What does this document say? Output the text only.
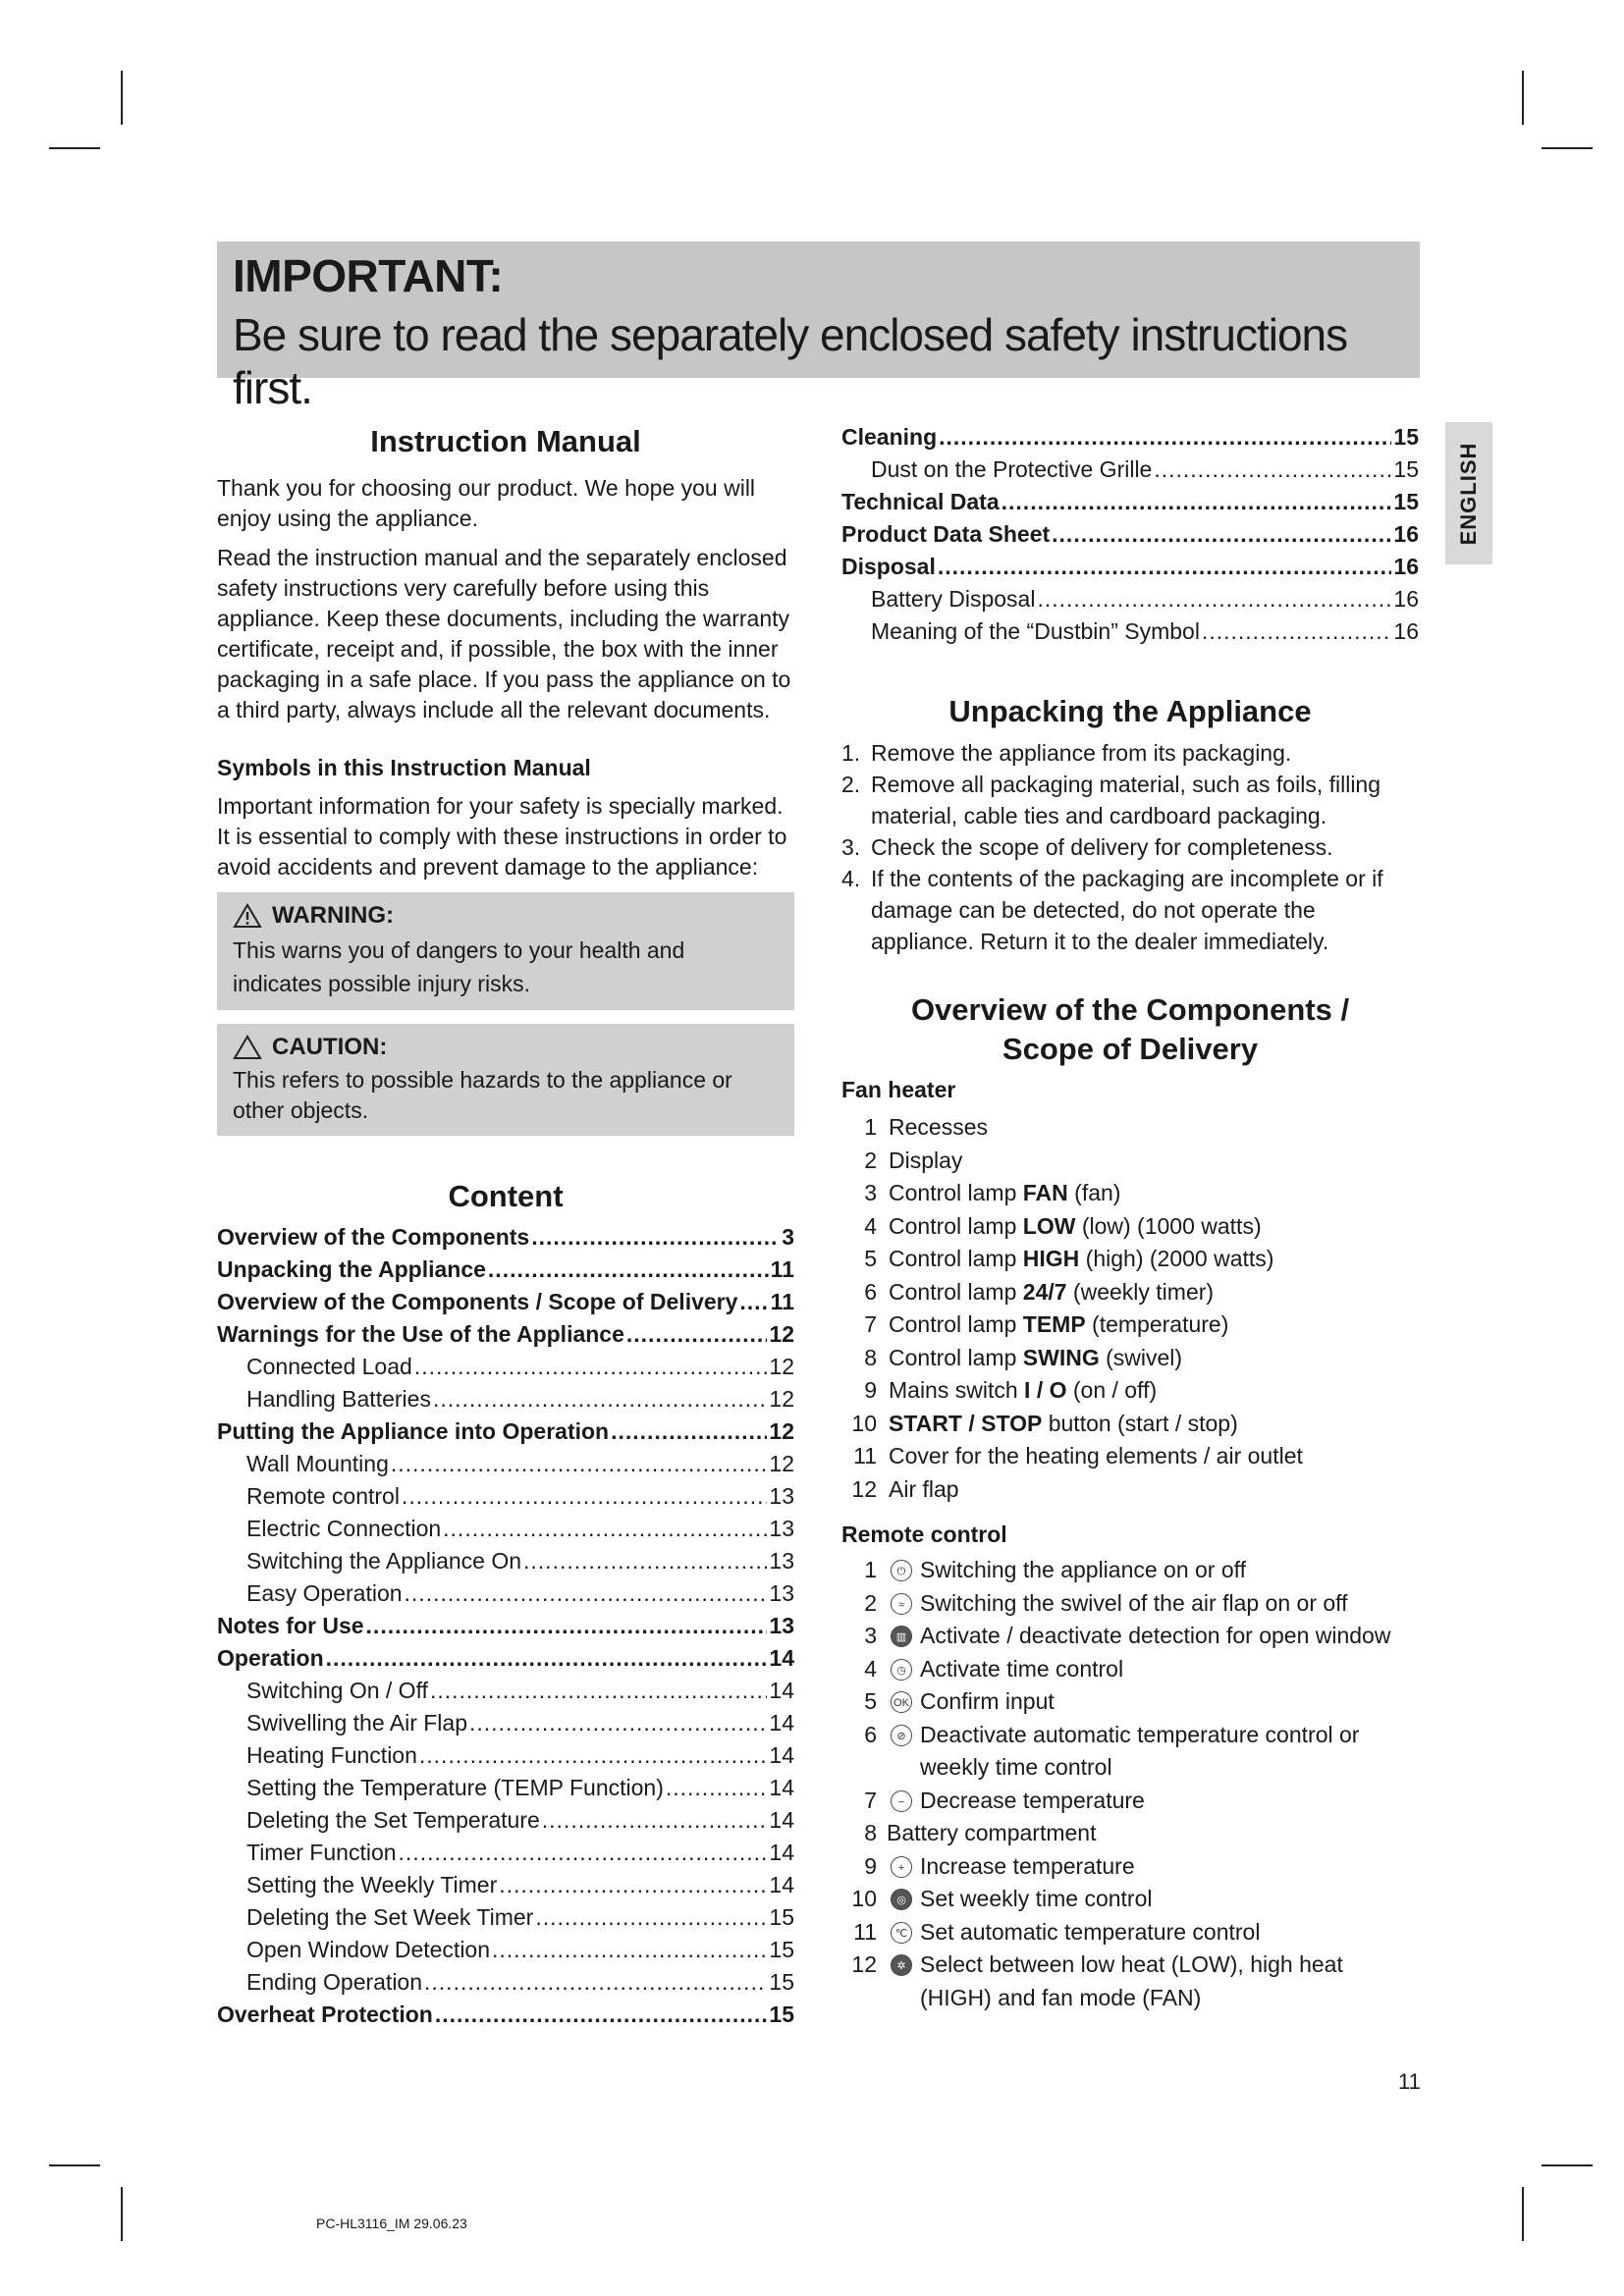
IMPORTANT:
Be sure to read the separately enclosed safety instructions first.
ENGLISH
Instruction Manual

Thank you for choosing our product. We hope you will enjoy using the appliance.

Read the instruction manual and the separately enclosed safety instructions very carefully before using this appliance. Keep these documents, including the warranty certificate, receipt and, if possible, the box with the inner packaging in a safe place. If you pass the appliance on to a third party, always include all the relevant documents.

Symbols in this Instruction Manual

Important information for your safety is specially marked. It is essential to comply with these instructions in order to avoid accidents and prevent damage to the appliance:

WARNING:

This warns you of dangers to your health and indicates possible injury risks.

CAUTION:

This refers to possible hazards to the appliance or other objects.

Content
Overview of the Components .....	3
Unpacking the Appliance .....	11
Overview of the Components / Scope of Delivery ..... 11
Warnings for the Use of the Appliance .....	12
Connected Load .....	12
Handling Batteries .....	12
Putting the Appliance into Operation .....	12
Wall Mounting .....	12
Remote control .....	13
Electric Connection .....	13
Switching the Appliance On .....	13
Easy Operation .....	13
Notes for Use .....	13
Operation .....	14
Switching On / Off .....	14
Swivelling the Air Flap .....	14
Heating Function .....	14
Setting the Temperature (TEMP Function) .....	14
Deleting the Set Temperature .....	14
Timer Function .....	14
Setting the Weekly Timer .....	14
Deleting the Set Week Timer .....	15
Open Window Detection .....	15
Ending Operation .....	15
Overheat Protection .....	15
Cleaning .....	15
Dust on the Protective Grille .....	15
Technical Data .....	15
Product Data Sheet .....	16
Disposal .....	16
Battery Disposal .....	16
Meaning of the “Dustbin” Symbol .....	16
Unpacking the Appliance
1. Remove the appliance from its packaging.
2. Remove all packaging material, such as foils, filling material, cable ties and cardboard packaging.
3. Check the scope of delivery for completeness.
4. If the contents of the packaging are incomplete or if damage can be detected, do not operate the appliance. Return it to the dealer immediately.
Overview of the Components /
Scope of Delivery
Fan heater
1 Recesses
2 Display
3 Control lamp FAN (fan)
4 Control lamp LOW (low) (1000 watts)
5 Control lamp HIGH (high) (2000 watts)
6 Control lamp 24/7 (weekly timer)
7 Control lamp TEMP (temperature)
8 Control lamp SWING (swivel)
9 Mains switch I / O (on / off)
10 START / STOP button (start / stop)
11 Cover for the heating elements / air outlet
12 Air flap
Remote control
1	⏻ Switching the appliance on or off
2	≈ Switching the swivel of the air flap on or off
3	▥ Activate / deactivate detection for open window
4	◷ Activate time control
5	OK Confirm input
6	⊘ Deactivate automatic temperature control or weekly time control
7	− Decrease temperature
8 Battery compartment
9	+ Increase temperature
10	◎ Set weekly time control
11	℃ Set automatic temperature control
12	✲ Select between low heat (LOW), high heat (HIGH) and fan mode (FAN)
11
PC-HL3116_IM 29.06.23
